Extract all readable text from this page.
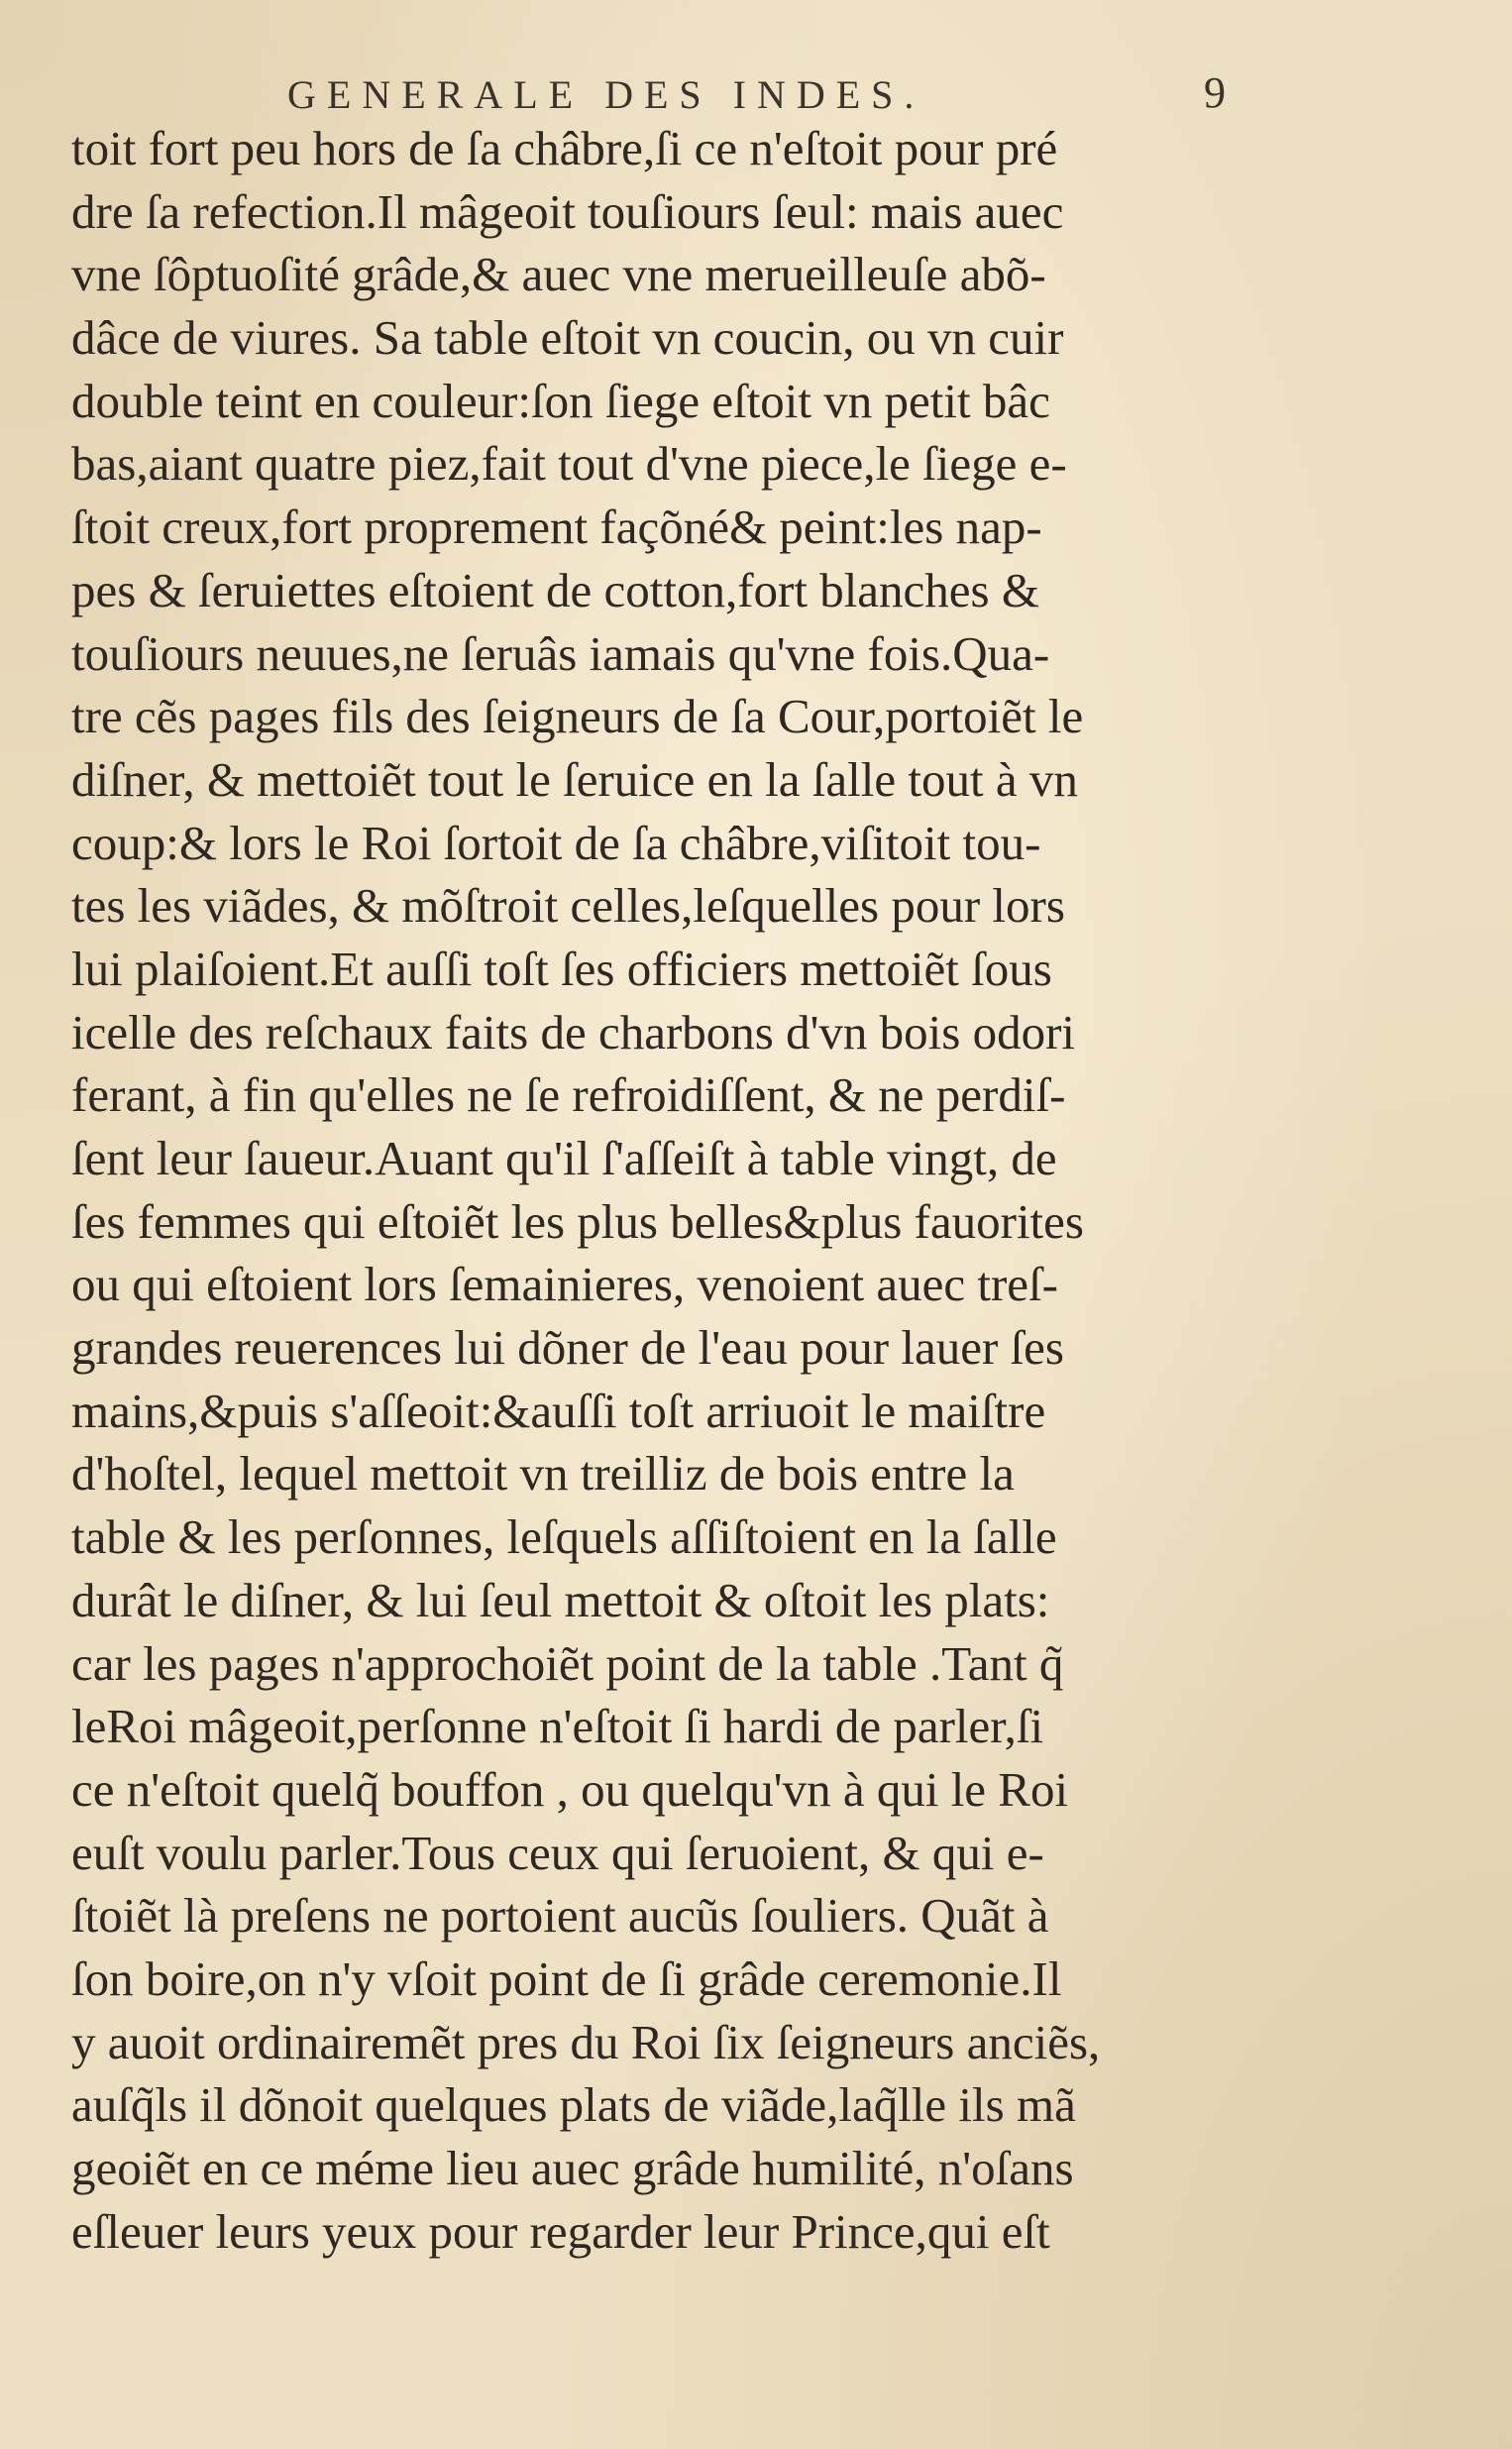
GENERALE DES INDES.	9
toit fort peu hors de ſa châbre,ſi ce n'eſtoit pour pré
dre ſa refection.Il mâgeoit touſiours ſeul: mais auec
vne ſôptuoſité grâde,& auec vne merueilleuſe abõ-
dâce de viures. Sa table eſtoit vn coucin, ou vn cuir
double teint en couleur:ſon ſiege eſtoit vn petit bâc
bas,aiant quatre piez,fait tout d'vne piece,le ſiege e-
ſtoit creux,fort proprement façõné& peint:les nap-
pes & ſeruiettes eſtoient de cotton,fort blanches &
touſiours neuues,ne ſeruâs iamais qu'vne fois.Qua-
tre cẽs pages fils des ſeigneurs de ſa Cour,portoiẽt le
diſner, & mettoiẽt tout le ſeruice en la ſalle tout à vn
coup:& lors le Roi ſortoit de ſa châbre,viſitoit tou-
tes les viãdes, & mõſtroit celles,leſquelles pour lors
lui plaiſoient.Et auſſi toſt ſes officiers mettoiẽt ſous
icelle des reſchaux faits de charbons d'vn bois odori
ferant, à fin qu'elles ne ſe refroidiſſent, & ne perdiſ-
ſent leur ſaueur.Auant qu'il ſ'aſſeiſt à table vingt, de
ſes femmes qui eſtoiẽt les plus belles&plus fauorites
ou qui eſtoient lors ſemainieres, venoient auec treſ-
grandes reuerences lui dõner de l'eau pour lauer ſes
mains,&puis s'aſſeoit:&auſſi toſt arriuoit le maiſtre
d'hoſtel, lequel mettoit vn treilliz de bois entre la
table & les perſonnes, leſquels aſſiſtoient en la ſalle
durât le diſner, & lui ſeul mettoit & oſtoit les plats:
car les pages n'approchoiẽt point de la table .Tant q̃
leRoi mâgeoit,perſonne n'eſtoit ſi hardi de parler,ſi
ce n'eſtoit quelq̃ bouffon , ou quelqu'vn à qui le Roi
euſt voulu parler.Tous ceux qui ſeruoient, & qui e-
ſtoiẽt là preſens ne portoient aucũs ſouliers. Quãt à
ſon boire,on n'y vſoit point de ſi grâde ceremonie.Il
y auoit ordinairemẽt pres du Roi ſix ſeigneurs anciẽs,
auſq̃ls il dõnoit quelques plats de viãde,laq̃lle ils mã
geoiẽt en ce méme lieu auec grâde humilité, n'oſans
eſleuer leurs yeux pour regarder leur Prince,qui eſt
